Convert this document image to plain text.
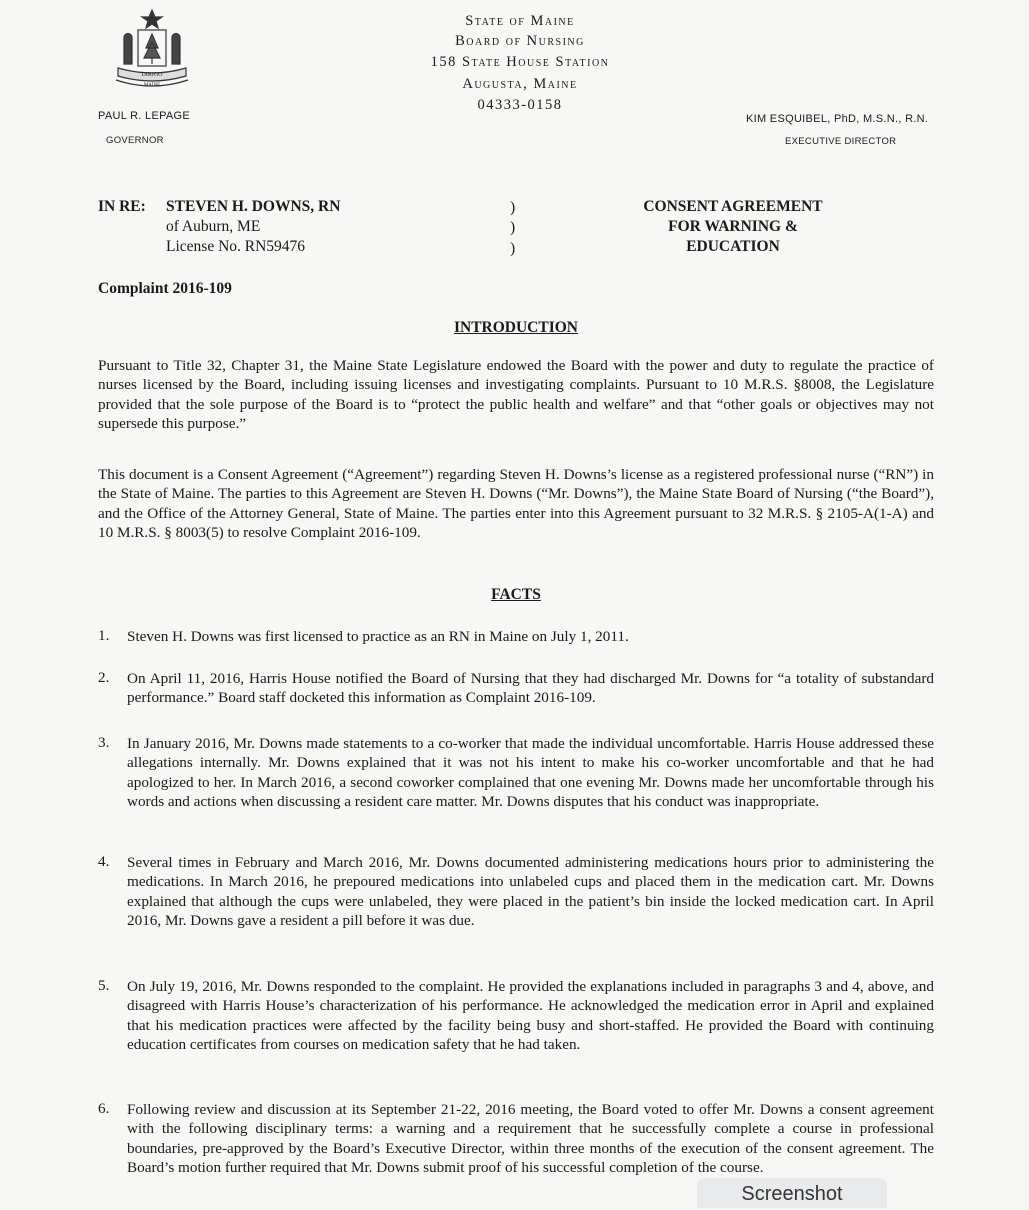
DIRIGO
MAINE
State of Maine
Board of Nursing
158 State House Station
Augusta, Maine
04333-0158
PAUL R. LEPAGE
GOVERNOR
KIM ESQUIBEL, PhD, M.S.N., R.N.
EXECUTIVE DIRECTOR
IN RE: STEVEN H. DOWNS, RN
of Auburn, ME
License No. RN59476
)
)
)
CONSENT AGREEMENT
FOR WARNING &
EDUCATION
Complaint 2016-109
INTRODUCTION
Pursuant to Title 32, Chapter 31, the Maine State Legislature endowed the Board with the power and duty to regulate the practice of nurses licensed by the Board, including issuing licenses and investigating complaints. Pursuant to 10 M.R.S. §8008, the Legislature provided that the sole purpose of the Board is to “protect the public health and welfare” and that “other goals or objectives may not supersede this purpose.”
This document is a Consent Agreement (“Agreement”) regarding Steven H. Downs’s license as a registered professional nurse (“RN”) in the State of Maine. The parties to this Agreement are Steven H. Downs (“Mr. Downs”), the Maine State Board of Nursing (“the Board”), and the Office of the Attorney General, State of Maine. The parties enter into this Agreement pursuant to 32 M.R.S. § 2105-A(1-A) and 10 M.R.S. § 8003(5) to resolve Complaint 2016-109.
FACTS
1. Steven H. Downs was first licensed to practice as an RN in Maine on July 1, 2011.
2. On April 11, 2016, Harris House notified the Board of Nursing that they had discharged Mr. Downs for “a totality of substandard performance.” Board staff docketed this information as Complaint 2016-109.
3. In January 2016, Mr. Downs made statements to a co-worker that made the individual uncomfortable. Harris House addressed these allegations internally. Mr. Downs explained that it was not his intent to make his co-worker uncomfortable and that he had apologized to her. In March 2016, a second coworker complained that one evening Mr. Downs made her uncomfortable through his words and actions when discussing a resident care matter. Mr. Downs disputes that his conduct was inappropriate.
4. Several times in February and March 2016, Mr. Downs documented administering medications hours prior to administering the medications. In March 2016, he prepoured medications into unlabeled cups and placed them in the medication cart. Mr. Downs explained that although the cups were unlabeled, they were placed in the patient’s bin inside the locked medication cart. In April 2016, Mr. Downs gave a resident a pill before it was due.
5. On July 19, 2016, Mr. Downs responded to the complaint. He provided the explanations included in paragraphs 3 and 4, above, and disagreed with Harris House’s characterization of his performance. He acknowledged the medication error in April and explained that his medication practices were affected by the facility being busy and short-staffed. He provided the Board with continuing education certificates from courses on medication safety that he had taken.
6. Following review and discussion at its September 21-22, 2016 meeting, the Board voted to offer Mr. Downs a consent agreement with the following disciplinary terms: a warning and a requirement that he successfully complete a course in professional boundaries, pre-approved by the Board’s Executive Director, within three months of the execution of the consent agreement. The Board’s motion further required that Mr. Downs submit proof of his successful completion of the course.
Screenshot
